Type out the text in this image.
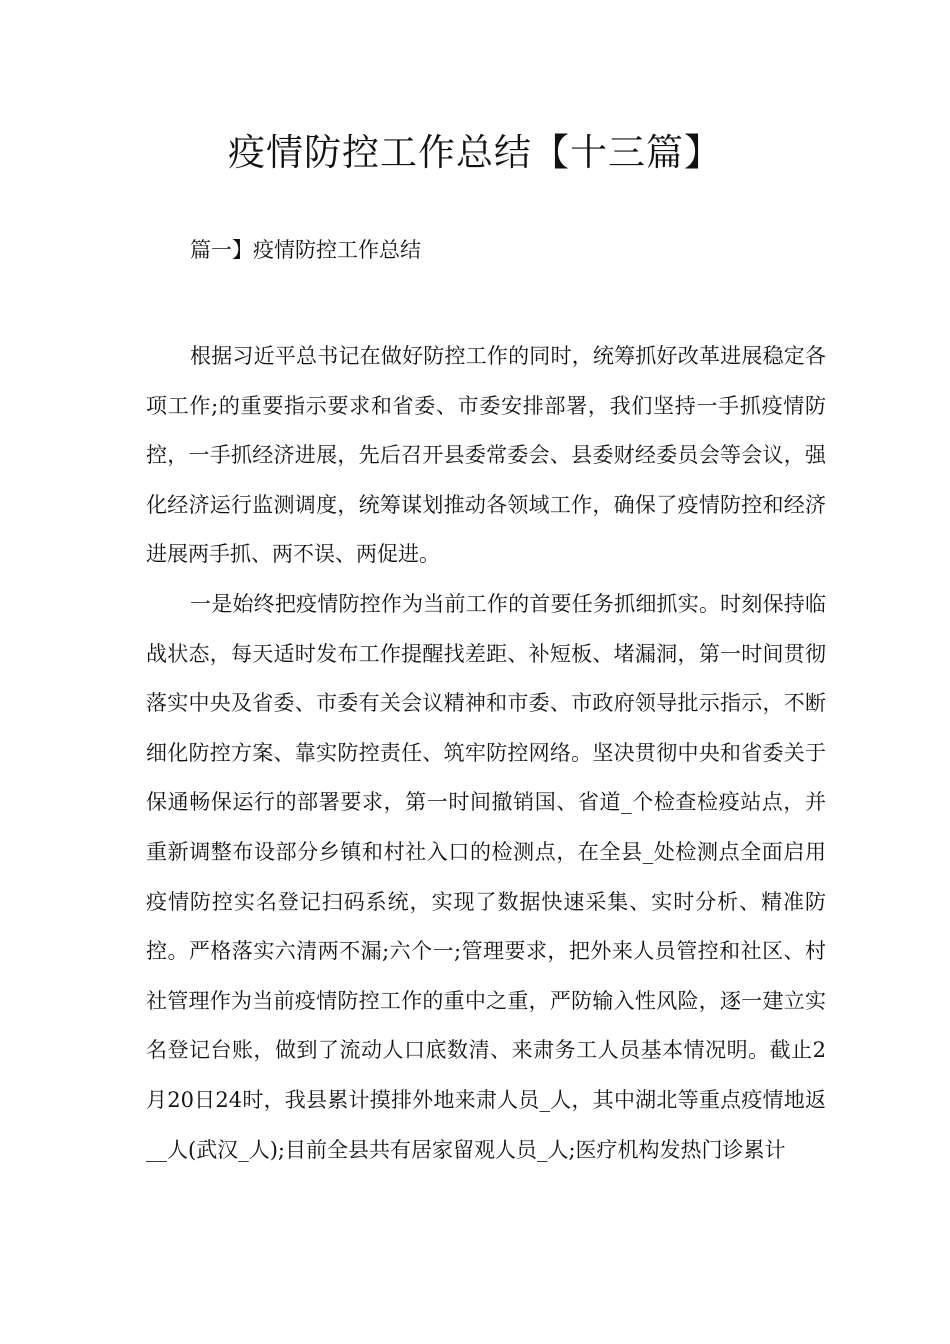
疫情防控工作总结【十三篇】
篇一】疫情防控工作总结

根据习近平总书记在做好防控工作的同时，统筹抓好改革进展稳定各项工作;的重要指示要求和省委、市委安排部署，我们坚持一手抓疫情防控，一手抓经济进展，先后召开县委常委会、县委财经委员会等会议，强化经济运行监测调度，统筹谋划推动各领域工作，确保了疫情防控和经济进展两手抓、两不误、两促进。

一是始终把疫情防控作为当前工作的首要任务抓细抓实。时刻保持临战状态，每天适时发布工作提醒找差距、补短板、堵漏洞，第一时间贯彻落实中央及省委、市委有关会议精神和市委、市政府领导批示指示，不断细化防控方案、靠实防控责任、筑牢防控网络。坚决贯彻中央和省委关于保通畅保运行的部署要求，第一时间撤销国、省道_个检查检疫站点，并重新调整布设部分乡镇和村社入口的检测点，在全县_处检测点全面启用疫情防控实名登记扫码系统，实现了数据快速采集、实时分析、精准防控。严格落实六清两不漏;六个一;管理要求，把外来人员管控和社区、村社管理作为当前疫情防控工作的重中之重，严防输入性风险，逐一建立实名登记台账，做到了流动人口底数清、来肃务工人员基本情况明。截止2月20日24时，我县累计摸排外地来肃人员_人，其中湖北等重点疫情地返__人(武汉_人);目前全县共有居家留观人员_人;医疗机构发热门诊累计
